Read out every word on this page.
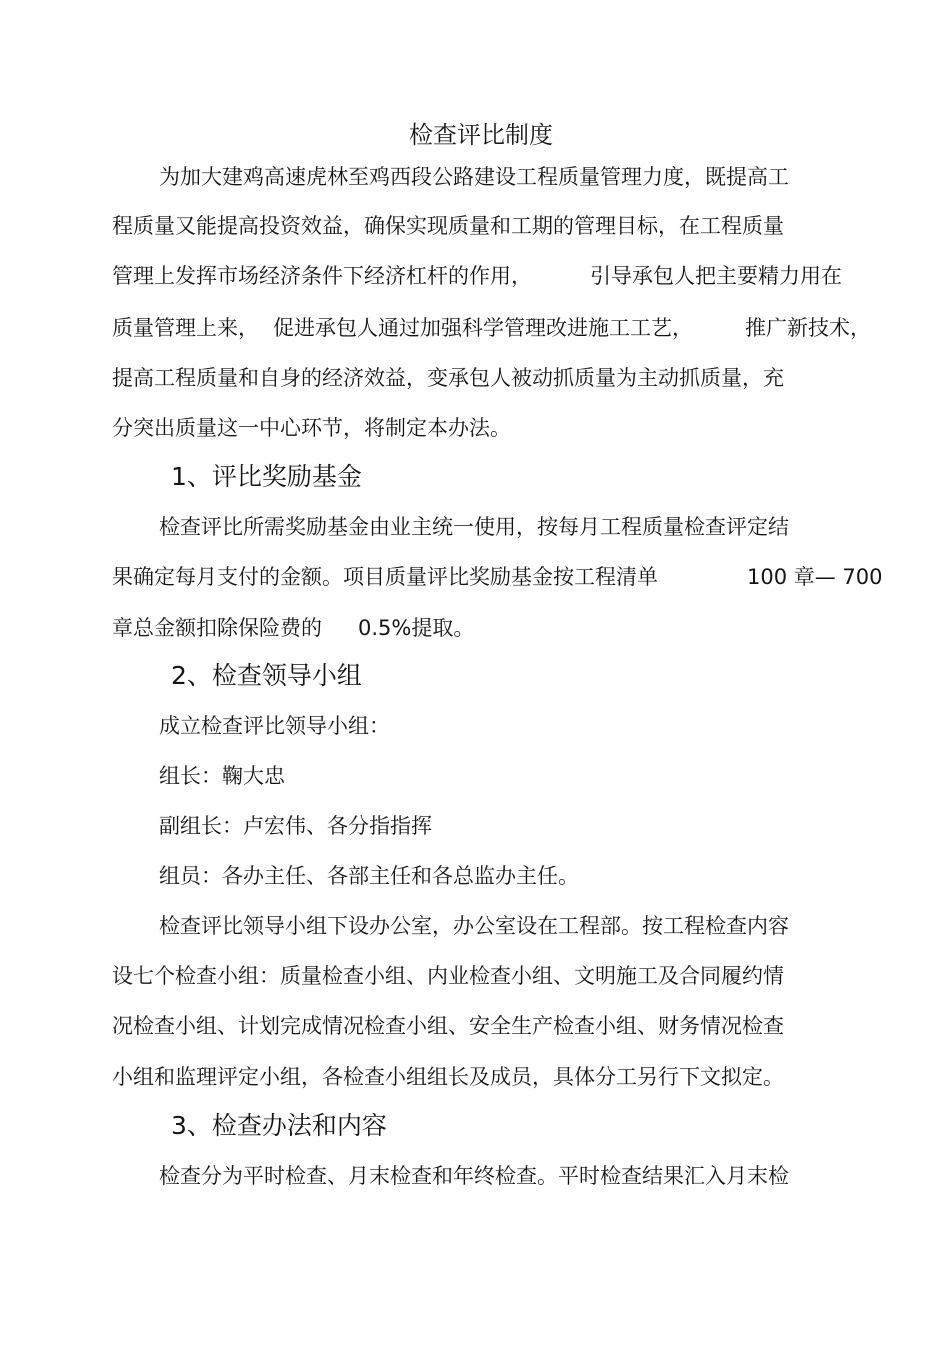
检查评比制度
为加大建鸡高速虎林至鸡西段公路建设工程质量管理力度，既提高工
程质量又能提高投资效益，确保实现质量和工期的管理目标，在工程质量
管理上发挥市场经济条件下经济杠杆的作用，	引导承包人把主要精力用在
质量管理上来， 促进承包人通过加强科学管理改进施工工艺， 推广新技术，
提高工程质量和自身的经济效益，变承包人被动抓质量为主动抓质量，充
分突出质量这一中心环节，将制定本办法。
1、评比奖励基金
检查评比所需奖励基金由业主统一使用，按每月工程质量检查评定结
果确定每月支付的金额。项目质量评比奖励基金按工程清单	100 章— 700
章总金额扣除保险费的 0.5%提取。
2、检查领导小组
成立检查评比领导小组：
组长：鞠大忠
副组长：卢宏伟、各分指指挥
组员：各办主任、各部主任和各总监办主任。
检查评比领导小组下设办公室，办公室设在工程部。按工程检查内容
设七个检查小组：质量检查小组、内业检查小组、文明施工及合同履约情
况检查小组、计划完成情况检查小组、安全生产检查小组、财务情况检查
小组和监理评定小组，各检查小组组长及成员，具体分工另行下文拟定。
3、检查办法和内容
检查分为平时检查、月末检查和年终检查。平时检查结果汇入月末检
